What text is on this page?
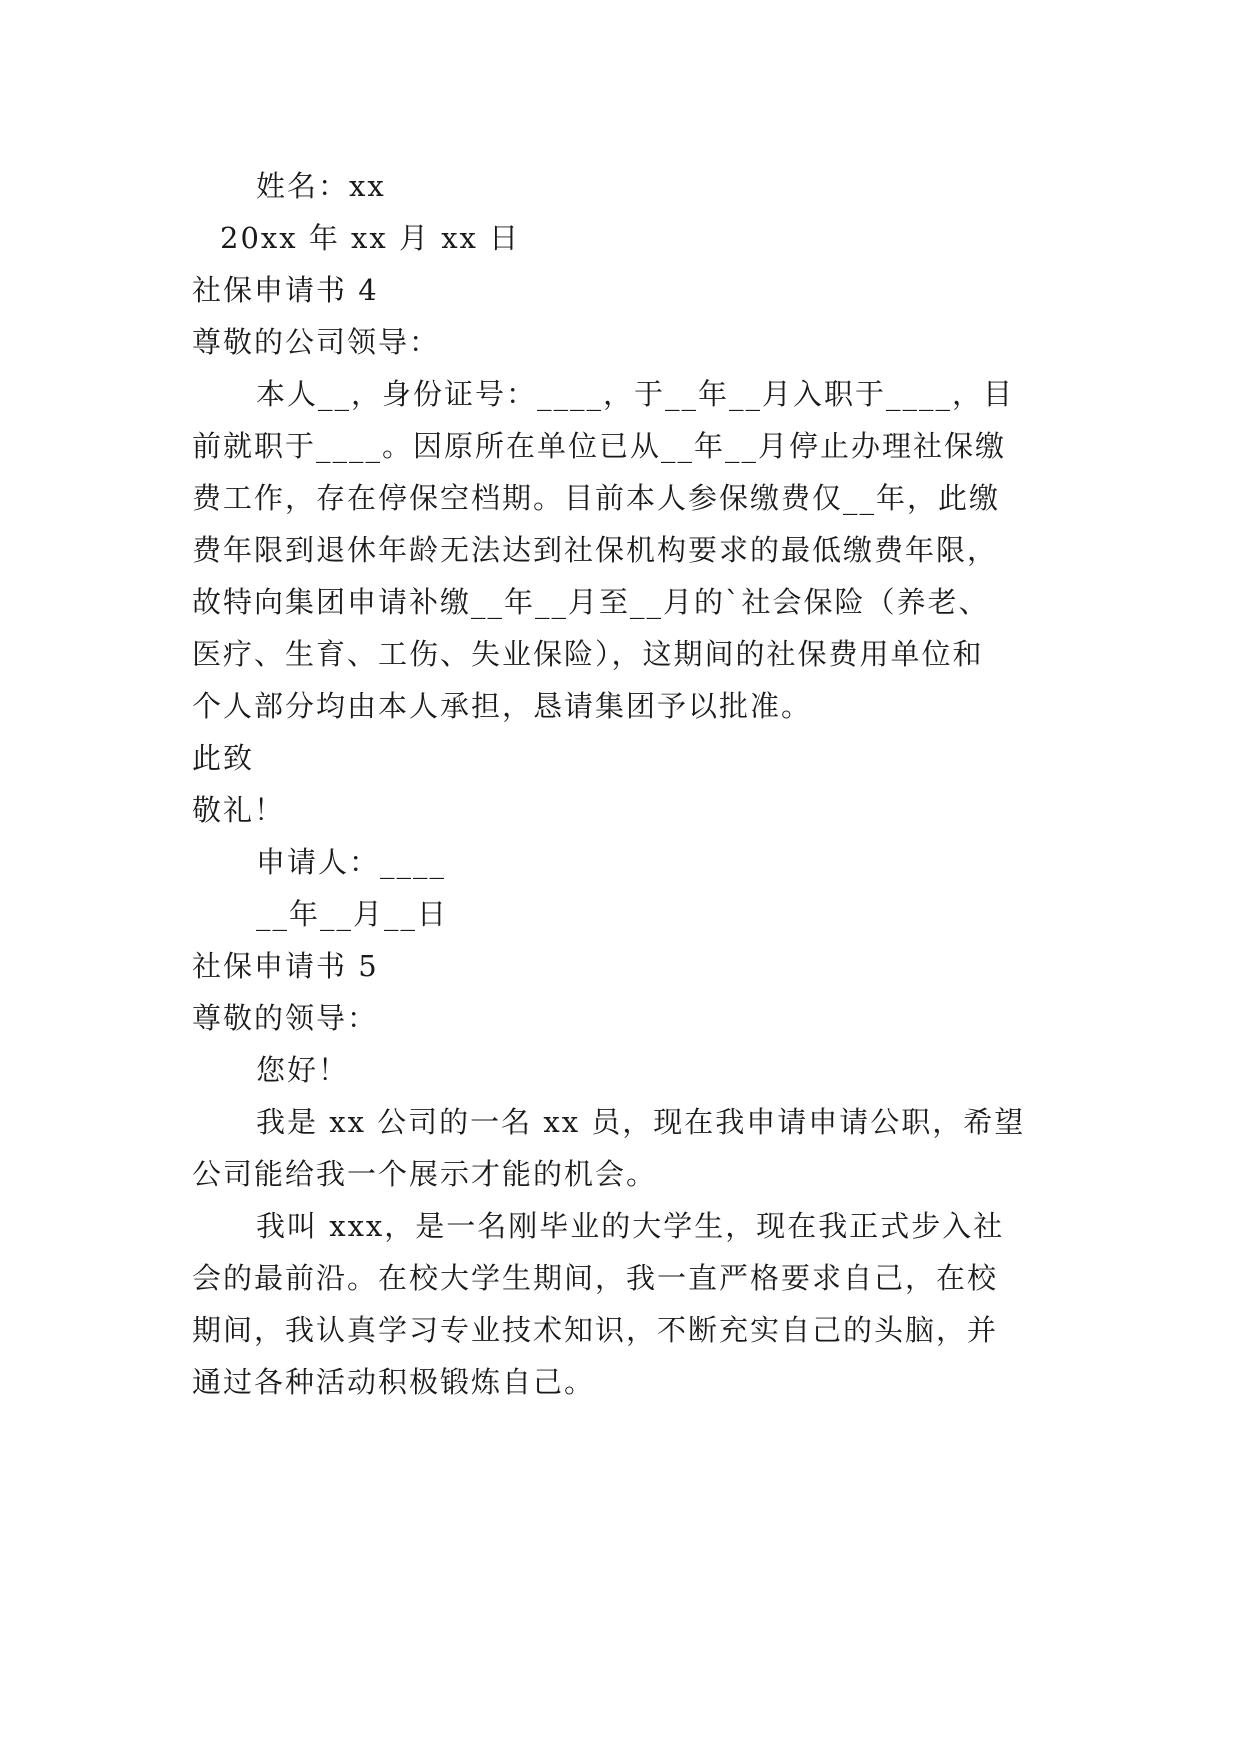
姓名：xx

20xx 年 xx 月 xx 日

社保申请书 4

尊敬的公司领导：

本人__，身份证号：____，于__年__月入职于____，目

前就职于____。因原所在单位已从__年__月停止办理社保缴

费工作，存在停保空档期。目前本人参保缴费仅__年，此缴

费年限到退休年龄无法达到社保机构要求的最低缴费年限，

故特向集团申请补缴__年__月至__月的`社会保险（养老、

医疗、生育、工伤、失业保险），这期间的社保费用单位和

个人部分均由本人承担，恳请集团予以批准。

此致

敬礼！

申请人：____

__年__月__日

社保申请书 5

尊敬的领导：

您好！

我是 xx 公司的一名 xx 员，现在我申请申请公职，希望

公司能给我一个展示才能的机会。

我叫 xxx，是一名刚毕业的大学生，现在我正式步入社

会的最前沿。在校大学生期间，我一直严格要求自己，在校

期间，我认真学习专业技术知识，不断充实自己的头脑，并

通过各种活动积极锻炼自己。
